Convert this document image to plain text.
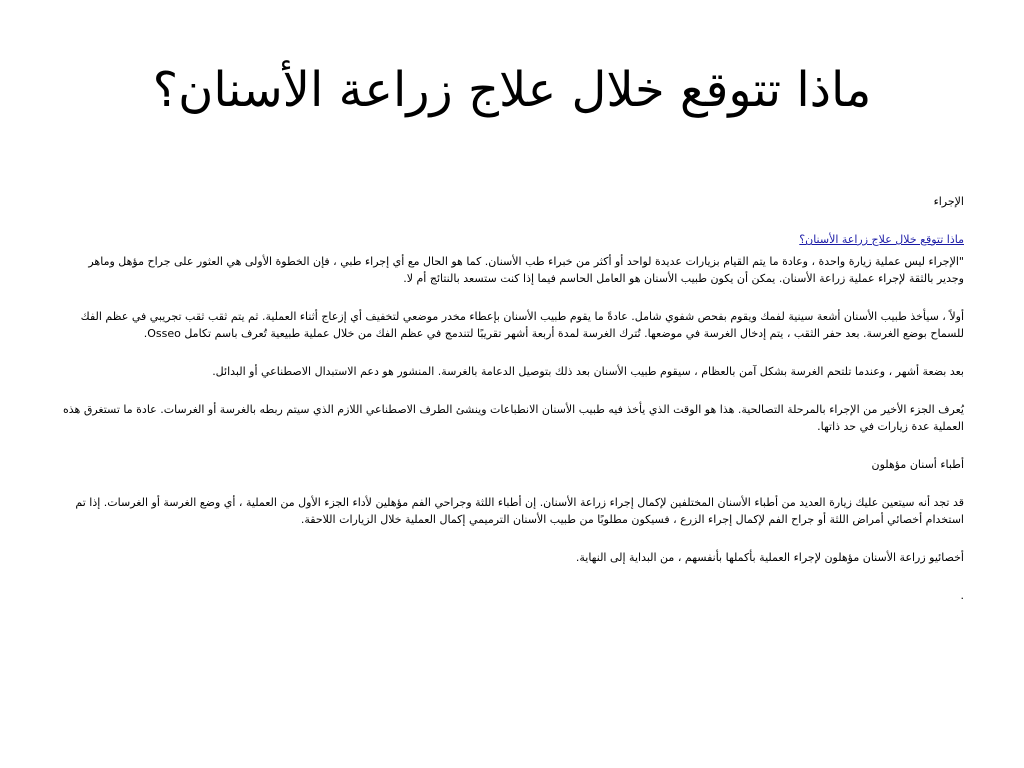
ماذا تتوقع خلال علاج زراعة الأسنان؟

الإجراء

ماذا تتوقع خلال علاج زراعة الأسنان؟

"الإجراء ليس عملية زيارة واحدة ، وعادة ما يتم القيام بزيارات عديدة لواحد أو أكثر من خبراء طب الأسنان. كما هو الحال مع أي إجراء طبي ، فإن الخطوة الأولى هي العثور على جراح مؤهل وماهر وجدير بالثقة لإجراء عملية زراعة الأسنان. يمكن أن يكون طبيب الأسنان هو العامل الحاسم فيما إذا كنت ستسعد بالنتائج أم لا.

أولاً ، سيأخذ طبيب الأسنان أشعة سينية لفمك ويقوم بفحص شفوي شامل. عادةً ما يقوم طبيب الأسنان بإعطاء مخدر موضعي لتخفيف أي إزعاج أثناء العملية. ثم يتم ثقب ثقب تجريبي في عظم الفك للسماح بوضع الغرسة. بعد حفر الثقب ، يتم إدخال الغرسة في موضعها. تُترك الغرسة لمدة أربعة أشهر تقريبًا لتندمج في عظم الفك من خلال عملية طبيعية تُعرف باسم تكامل Osseo.

بعد بضعة أشهر ، وعندما تلتحم الغرسة بشكل آمن بالعظام ، سيقوم طبيب الأسنان بعد ذلك بتوصيل الدعامة بالغرسة. المنشور هو دعم الاستبدال الاصطناعي أو البدائل.

يُعرف الجزء الأخير من الإجراء بالمرحلة التصالحية. هذا هو الوقت الذي يأخذ فيه طبيب الأسنان الانطباعات وينشئ الطرف الاصطناعي اللازم الذي سيتم ربطه بالغرسة أو الغرسات. عادة ما تستغرق هذه العملية عدة زيارات في حد ذاتها.

أطباء أسنان مؤهلون

قد تجد أنه سيتعين عليك زيارة العديد من أطباء الأسنان المختلفين لإكمال إجراء زراعة الأسنان. إن أطباء اللثة وجراحي الفم مؤهلين لأداء الجزء الأول من العملية ، أي وضع الغرسة أو الغرسات. إذا تم استخدام أخصائي أمراض اللثة أو جراح الفم لإكمال إجراء الزرع ، فسيكون مطلوبًا من طبيب الأسنان الترميمي إكمال العملية خلال الزيارات اللاحقة.

أخصائيو زراعة الأسنان مؤهلون لإجراء العملية بأكملها بأنفسهم ، من البداية إلى النهاية.

.
